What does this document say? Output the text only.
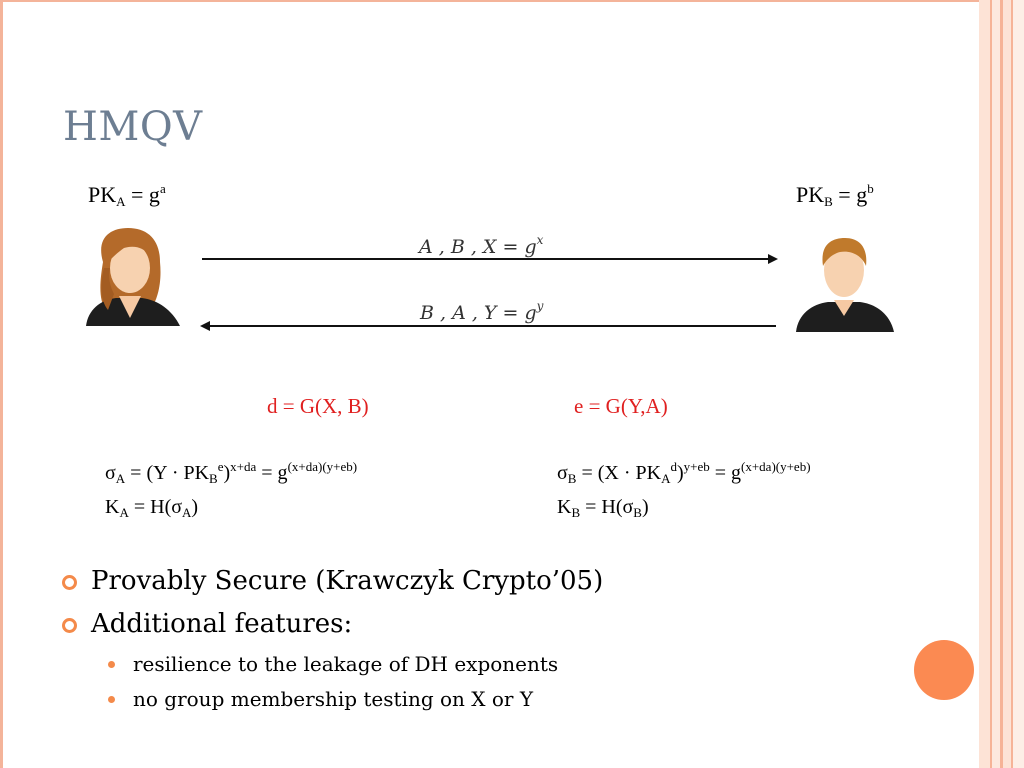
HMQV
$PK_A = g^a$	$PK_B = g^b$
A , B , $X = g^x$
B , A , $Y = g^y$
d = G(X, B)	e = G(Y,A)
$\sigma_A = (Y \cdot PK_B^e)^{x+da} = g^{(x+da)(y+eb)}$
$K_A = H(\sigma_A)$
$\sigma_B = (X \cdot PK_A^d)^{y+eb} = g^{(x+da)(y+eb)}$
$K_B = H(\sigma_B)$
Provably Secure (Krawczyk Crypto’05)
Additional features:
resilience to the leakage of DH exponents
no group membership testing on X or Y
